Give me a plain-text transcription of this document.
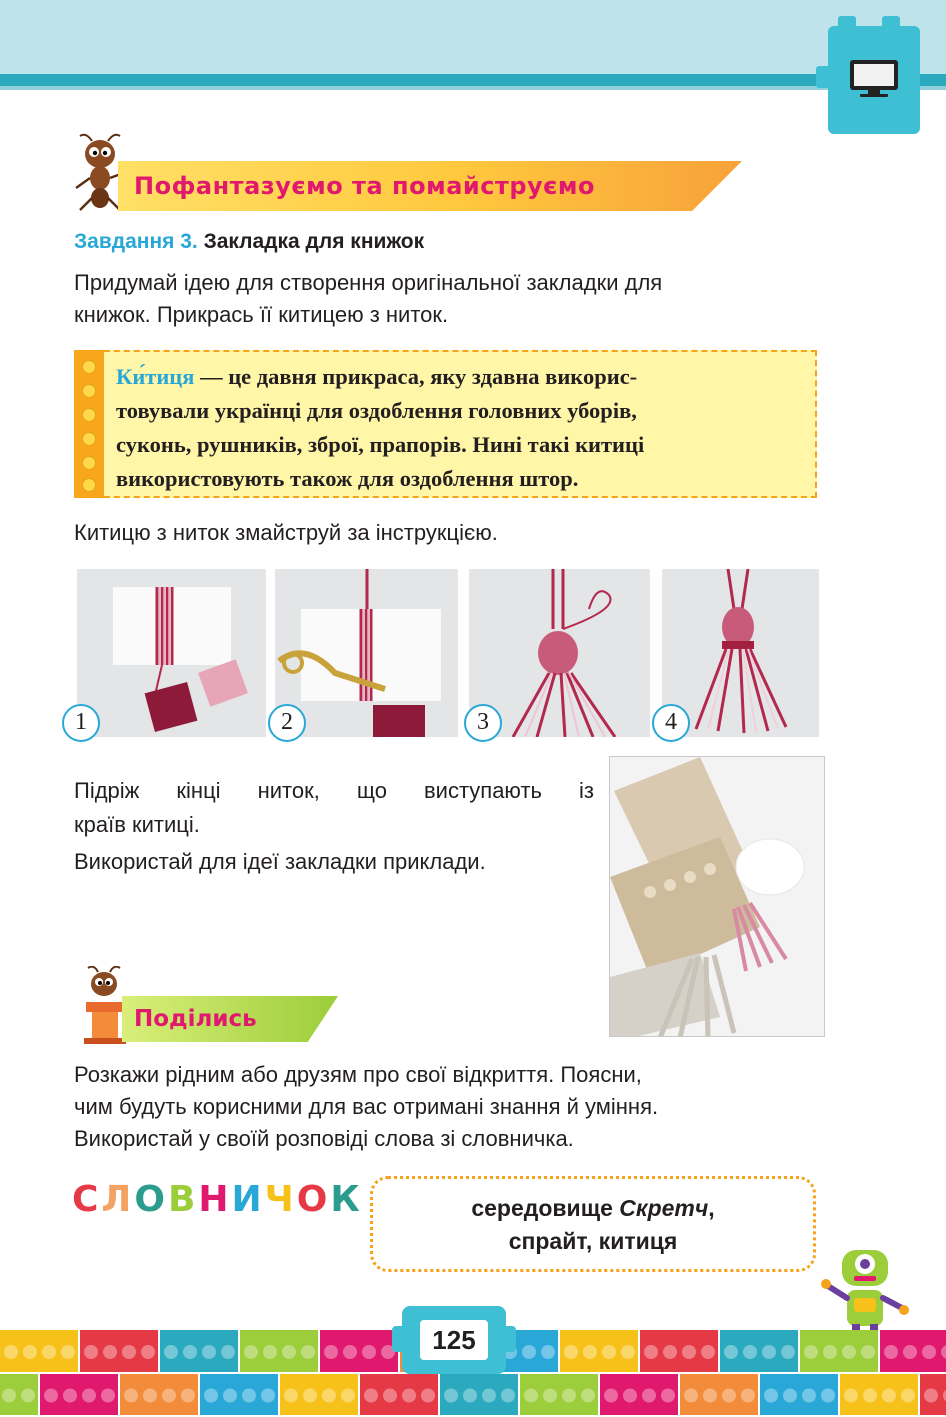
Пофантазуємо та помайструємо
Завдання 3. Закладка для книжок
Придумай ідею для створення оригінальної закладки для
книжок. Прикрась її китицею з ниток.
Ки́тиця — це давня прикраса, яку здавна викорис-
товували українці для оздоблення головних уборів,
суконь, рушників, зброї, прапорів. Нині такі китиці
використовують також для оздоблення штор.
Китицю з ниток змайструй за інструкцією.
1	2	3	4
Підріж кінці ниток, що виступають із
країв китиці.
Використай для ідеї закладки приклади.
Поділись
Розкажи рідним або друзям про свої відкриття. Поясни,
чим будуть корисними для вас отримані знання й уміння.
Використай у своїй розповіді слова зі словничка.
СЛОВНИЧОК	середовище Скретч,
спрайт, китиця
125
